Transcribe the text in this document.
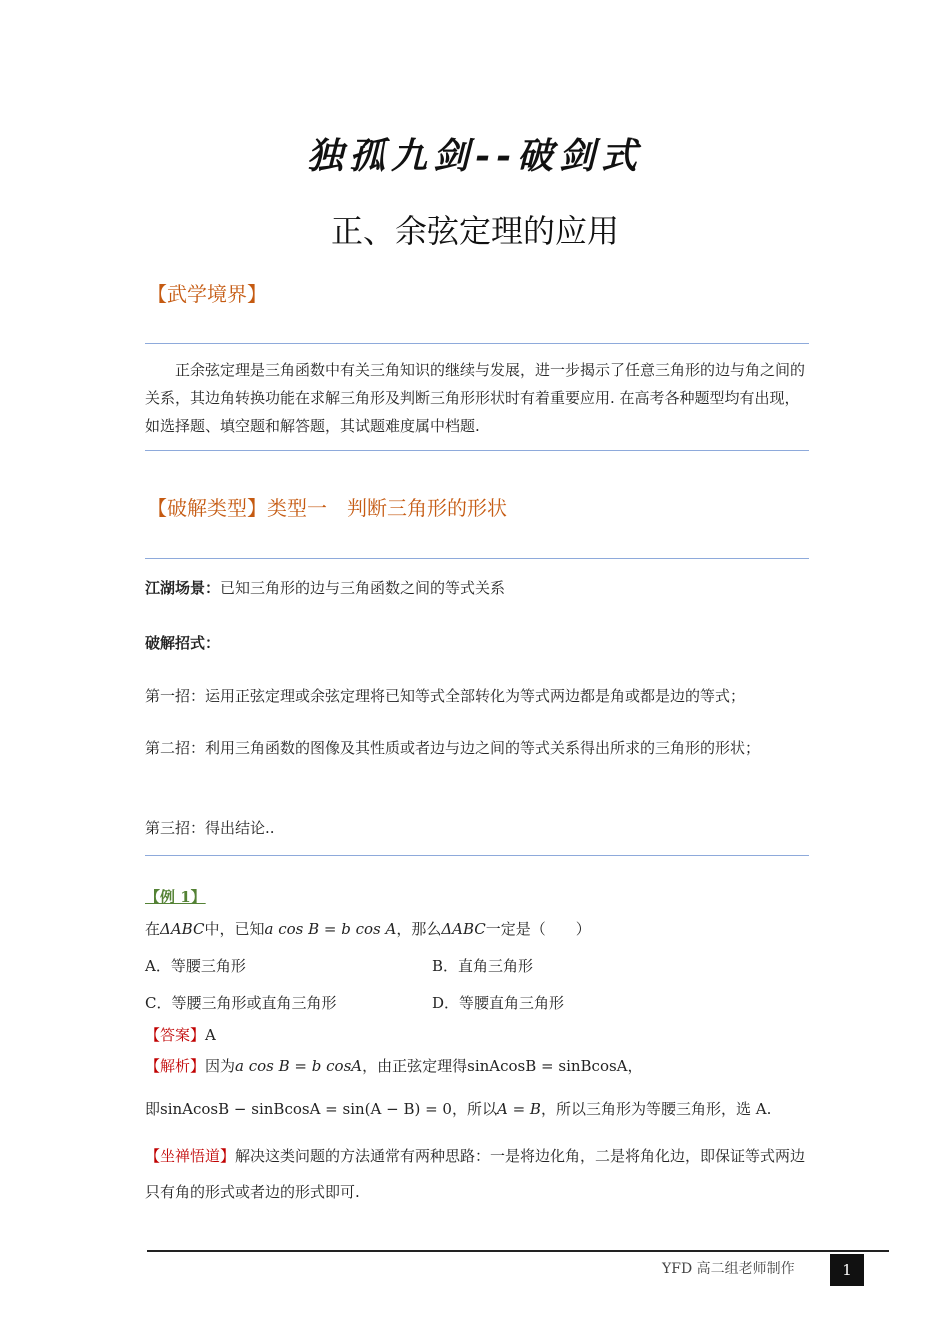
独孤九剑--破剑式
正、余弦定理的应用
【武学境界】
正余弦定理是三角函数中有关三角知识的继续与发展，进一步揭示了任意三角形的边与角之间的关系，其边角转换功能在求解三角形及判断三角形形状时有着重要应用. 在高考各种题型均有出现，如选择题、填空题和解答题，其试题难度属中档题.
【破解类型】类型一　判断三角形的形状
江湖场景：已知三角形的边与三角函数之间的等式关系
破解招式：
第一招：运用正弦定理或余弦定理将已知等式全部转化为等式两边都是角或都是边的等式；
第二招：利用三角函数的图像及其性质或者边与边之间的等式关系得出所求的三角形的形状；
第三招：得出结论..
【例 1】
在ΔABC中，已知a cos B = b cos A，那么ΔABC一定是（　　）
A．等腰三角形	B．直角三角形
C．等腰三角形或直角三角形	D．等腰直角三角形
【答案】A
【解析】因为a cos B = b cosA，由正弦定理得sinAcosB = sinBcosA，
即sinAcosB − sinBcosA = sin(A − B) = 0，所以A = B，所以三角形为等腰三角形，选 A.
【坐禅悟道】解决这类问题的方法通常有两种思路：一是将边化角，二是将角化边，即保证等式两边只有角的形式或者边的形式即可.
YFD 高二组老师制作	1
